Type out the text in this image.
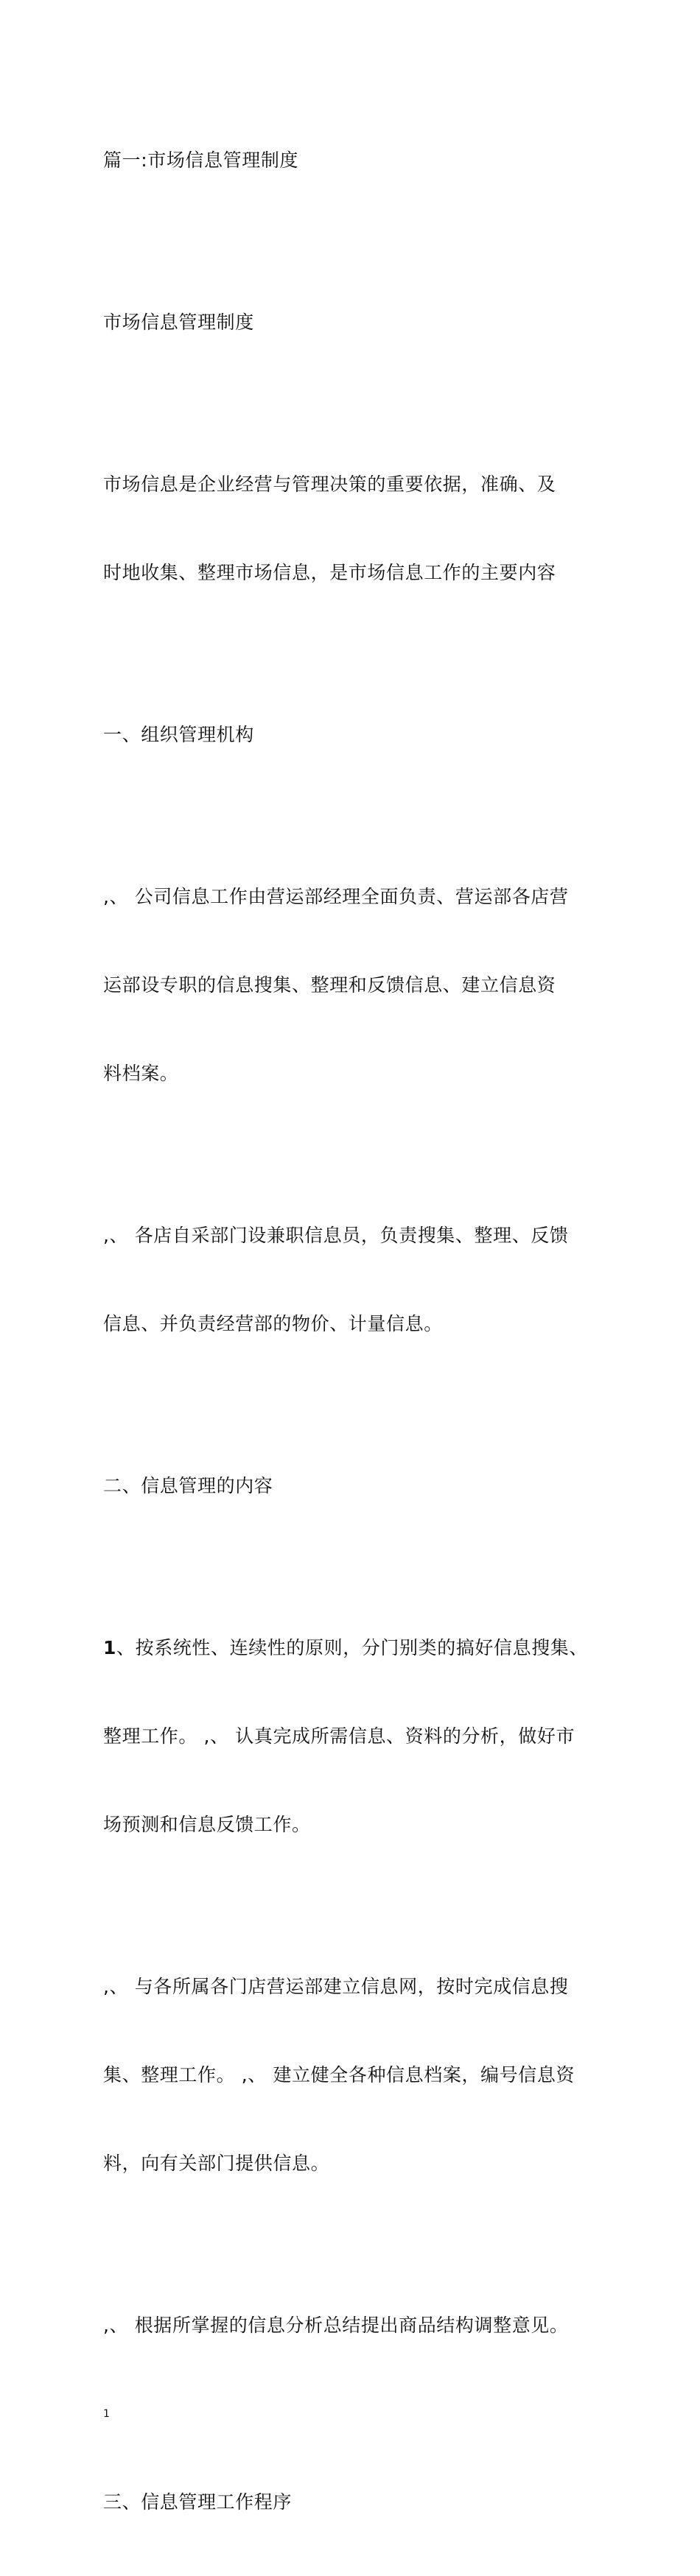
篇一:市场信息管理制度

市场信息管理制度

市场信息是企业经营与管理决策的重要依据，准确、及

时地收集、整理市场信息，是市场信息工作的主要内容

一、组织管理机构

,、 公司信息工作由营运部经理全面负责、营运部各店营

运部设专职的信息搜集、整理和反馈信息、建立信息资

料档案。

,、 各店自采部门设兼职信息员，负责搜集、整理、反馈

信息、并负责经营部的物价、计量信息。

二、信息管理的内容

1、按系统性、连续性的原则，分门别类的搞好信息搜集、

整理工作。 ,、 认真完成所需信息、资料的分析，做好市

场预测和信息反馈工作。

,、 与各所属各门店营运部建立信息网，按时完成信息搜

集、整理工作。 ,、 建立健全各种信息档案，编号信息资

料，向有关部门提供信息。

,、 根据所掌握的信息分析总结提出商品结构调整意见。

1

三、信息管理工作程序
